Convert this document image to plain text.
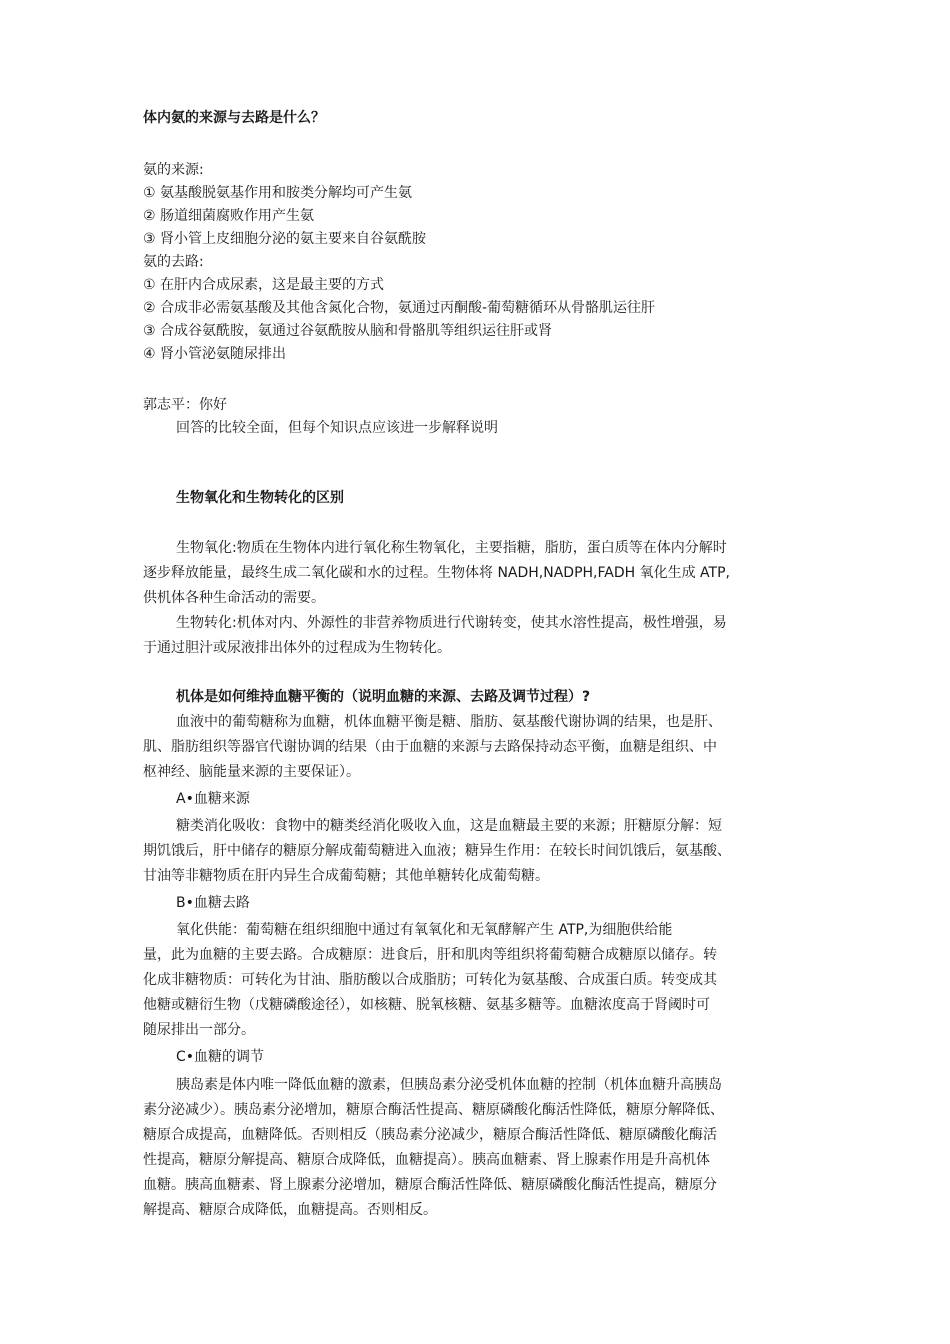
体内氨的来源与去路是什么？
氨的来源:
① 氨基酸脱氨基作用和胺类分解均可产生氨
② 肠道细菌腐败作用产生氨
③ 肾小管上皮细胞分泌的氨主要来自谷氨酰胺
氨的去路:
① 在肝内合成尿素，这是最主要的方式
② 合成非必需氨基酸及其他含氮化合物，氨通过丙酮酸-葡萄糖循环从骨骼肌运往肝
③ 合成谷氨酰胺，氨通过谷氨酰胺从脑和骨骼肌等组织运往肝或肾
④ 肾小管泌氨随尿排出
郭志平：你好
回答的比较全面，但每个知识点应该进一步解释说明
生物氧化和生物转化的区别
生物氧化:物质在生物体内进行氧化称生物氧化，主要指糖，脂肪，蛋白质等在体内分解时
逐步释放能量，最终生成二氧化碳和水的过程。生物体将 NADH,NADPH,FADH 氧化生成 ATP,
供机体各种生命活动的需要。
生物转化:机体对内、外源性的非营养物质进行代谢转变，使其水溶性提高，极性增强，易
于通过胆汁或尿液排出体外的过程成为生物转化。
机体是如何维持血糖平衡的（说明血糖的来源、去路及调节过程）?
血液中的葡萄糖称为血糖，机体血糖平衡是糖、脂肪、氨基酸代谢协调的结果，也是肝、
肌、脂肪组织等器官代谢协调的结果（由于血糖的来源与去路保持动态平衡，血糖是组织、中
枢神经、脑能量来源的主要保证）。
A•血糖来源
糖类消化吸收：食物中的糖类经消化吸收入血，这是血糖最主要的来源；肝糖原分解：短
期饥饿后，肝中储存的糖原分解成葡萄糖进入血液；糖异生作用：在较长时间饥饿后，氨基酸、
甘油等非糖物质在肝内异生合成葡萄糖；其他单糖转化成葡萄糖。
B•血糖去路
氧化供能：葡萄糖在组织细胞中通过有氧氧化和无氧酵解产生 ATP,为细胞供给能
量，此为血糖的主要去路。合成糖原：进食后，肝和肌肉等组织将葡萄糖合成糖原以储存。转
化成非糖物质：可转化为甘油、脂肪酸以合成脂肪；可转化为氨基酸、合成蛋白质。转变成其
他糖或糖衍生物（戊糖磷酸途径），如核糖、脱氧核糖、氨基多糖等。血糖浓度高于肾阈时可
随尿排出一部分。
C•血糖的调节
胰岛素是体内唯一降低血糖的激素，但胰岛素分泌受机体血糖的控制（机体血糖升高胰岛
素分泌减少）。胰岛素分泌增加，糖原合酶活性提高、糖原磷酸化酶活性降低，糖原分解降低、
糖原合成提高，血糖降低。否则相反（胰岛素分泌减少，糖原合酶活性降低、糖原磷酸化酶活
性提高，糖原分解提高、糖原合成降低，血糖提高）。胰高血糖素、肾上腺素作用是升高机体
血糖。胰高血糖素、肾上腺素分泌增加，糖原合酶活性降低、糖原磷酸化酶活性提高，糖原分
解提高、糖原合成降低，血糖提高。否则相反。
